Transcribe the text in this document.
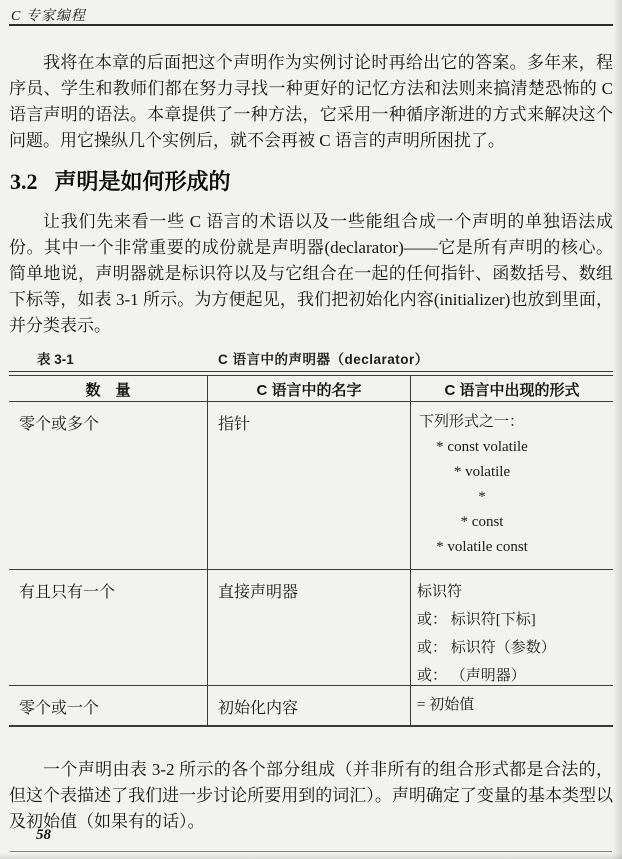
C 专家编程

我将在本章的后面把这个声明作为实例讨论时再给出它的答案。多年来，程序员、学生和教师们都在努力寻找一种更好的记忆方法和法则来搞清楚恐怖的 C 语言声明的语法。本章提供了一种方法，它采用一种循序渐进的方式来解决这个问题。用它操纵几个实例后，就不会再被 C 语言的声明所困扰了。

3.2 声明是如何形成的

让我们先来看一些 C 语言的术语以及一些能组合成一个声明的单独语法成份。其中一个非常重要的成份就是声明器(declarator)——它是所有声明的核心。简单地说，声明器就是标识符以及与它组合在一起的任何指针、函数括号、数组下标等，如表 3-1 所示。为方便起见，我们把初始化内容(initializer)也放到里面，并分类表示。

表 3-1	C 语言中的声明器（declarator）
数　量	C 语言中的名字	C 语言中出现的形式
零个或多个	指针	下列形式之一：
* const volatile
* volatile
*
* const
* volatile const
有且只有一个	直接声明器	标识符
或： 标识符[下标]
或： 标识符（参数）
或： （声明器）
零个或一个	初始化内容	= 初始值

一个声明由表 3-2 所示的各个部分组成（并非所有的组合形式都是合法的，但这个表描述了我们进一步讨论所要用到的词汇）。声明确定了变量的基本类型以及初始值（如果有的话）。

58
